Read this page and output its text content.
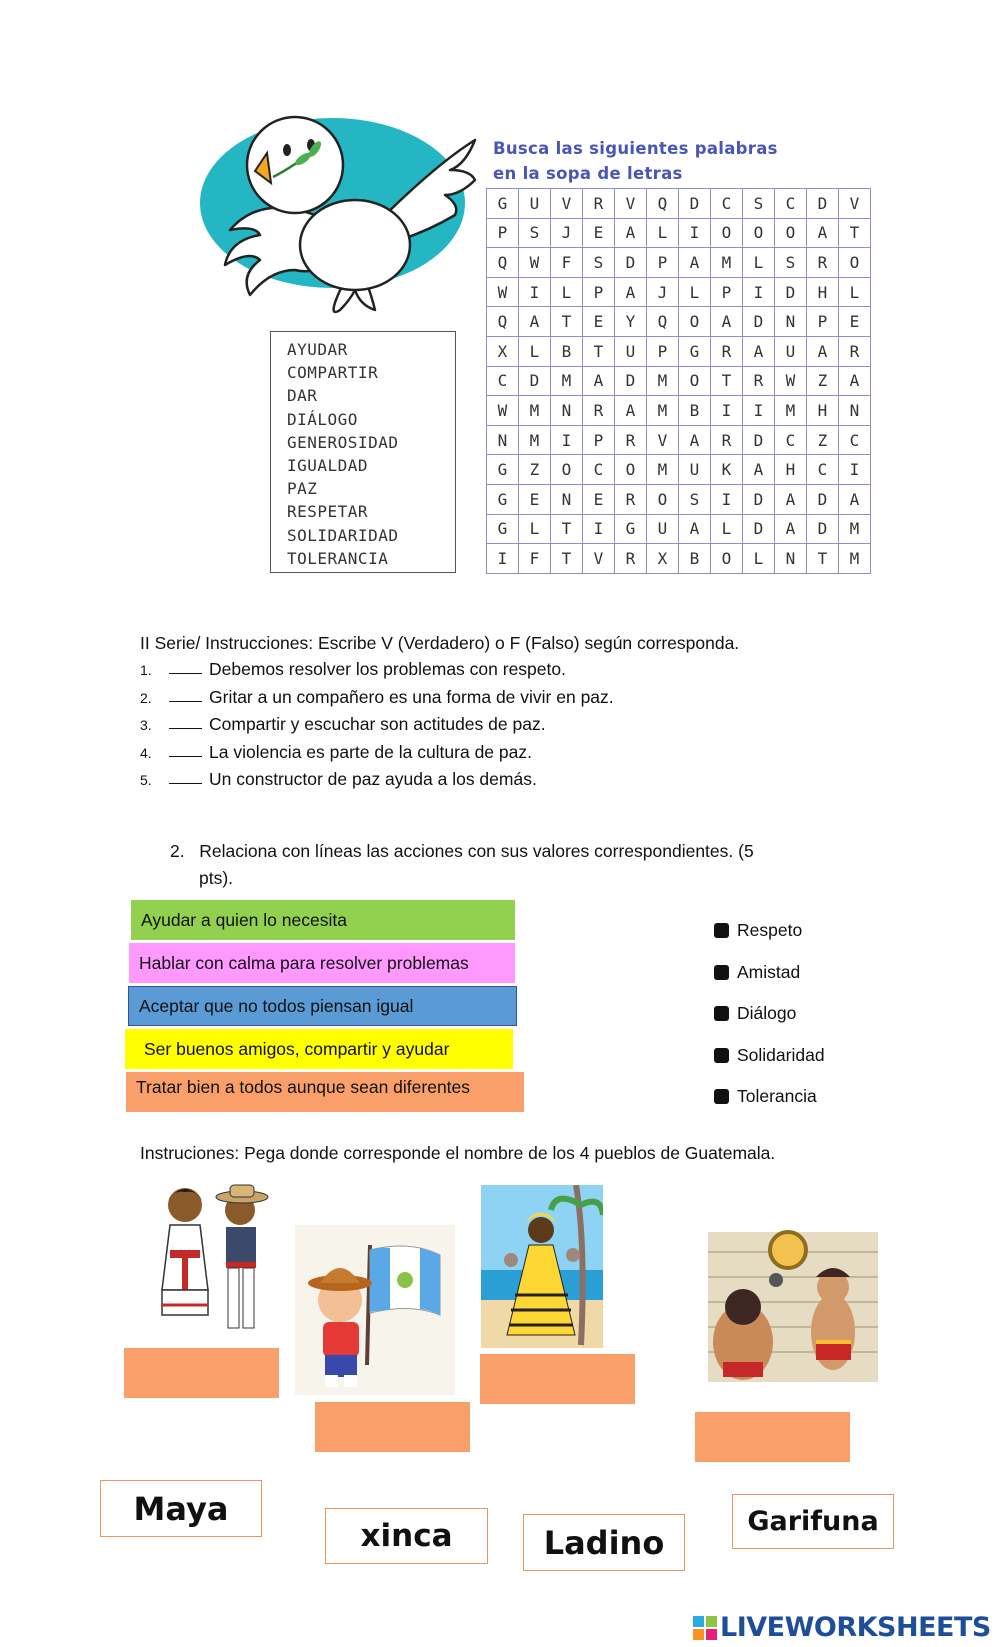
Busca las siguientes palabras
en la sopa de letras
AYUDAR
COMPARTIR
DAR
DIÁLOGO
GENEROSIDAD
IGUALDAD
PAZ
RESPETAR
SOLIDARIDAD
TOLERANCIA
G	U	V	R	V	Q	D	C	S	C	D	V
P	S	J	E	A	L	I	O	O	O	A	T
Q	W	F	S	D	P	A	M	L	S	R	O
W	I	L	P	A	J	L	P	I	D	H	L
Q	A	T	E	Y	Q	O	A	D	N	P	E
X	L	B	T	U	P	G	R	A	U	A	R
C	D	M	A	D	M	O	T	R	W	Z	A
W	M	N	R	A	M	B	I	I	M	H	N
N	M	I	P	R	V	A	R	D	C	Z	C
G	Z	O	C	O	M	U	K	A	H	C	I
G	E	N	E	R	O	S	I	D	A	D	A
G	L	T	I	G	U	A	L	D	A	D	M
I	F	T	V	R	X	B	O	L	N	T	M
II Serie/ Instrucciones: Escribe V (Verdadero) o F (Falso) según corresponda.
1.	Debemos resolver los problemas con respeto.
2.	Gritar a un compañero es una forma de vivir en paz.
3.	Compartir y escuchar son actitudes de paz.
4.	La violencia es parte de la cultura de paz.
5.	Un constructor de paz ayuda a los demás.
2. Relaciona con líneas las acciones con sus valores correspondientes. (5
pts).
Ayudar a quien lo necesita
Hablar con calma para resolver problemas
Aceptar que no todos piensan igual
Ser buenos amigos, compartir y ayudar
Tratar bien a todos aunque sean diferentes
Respeto
Amistad
Diálogo
Solidaridad
Tolerancia
Instruciones: Pega donde corresponde el nombre de los 4 pueblos de Guatemala.
Maya
xinca	Ladino
Garifuna
LIVEWORKSHEETS
